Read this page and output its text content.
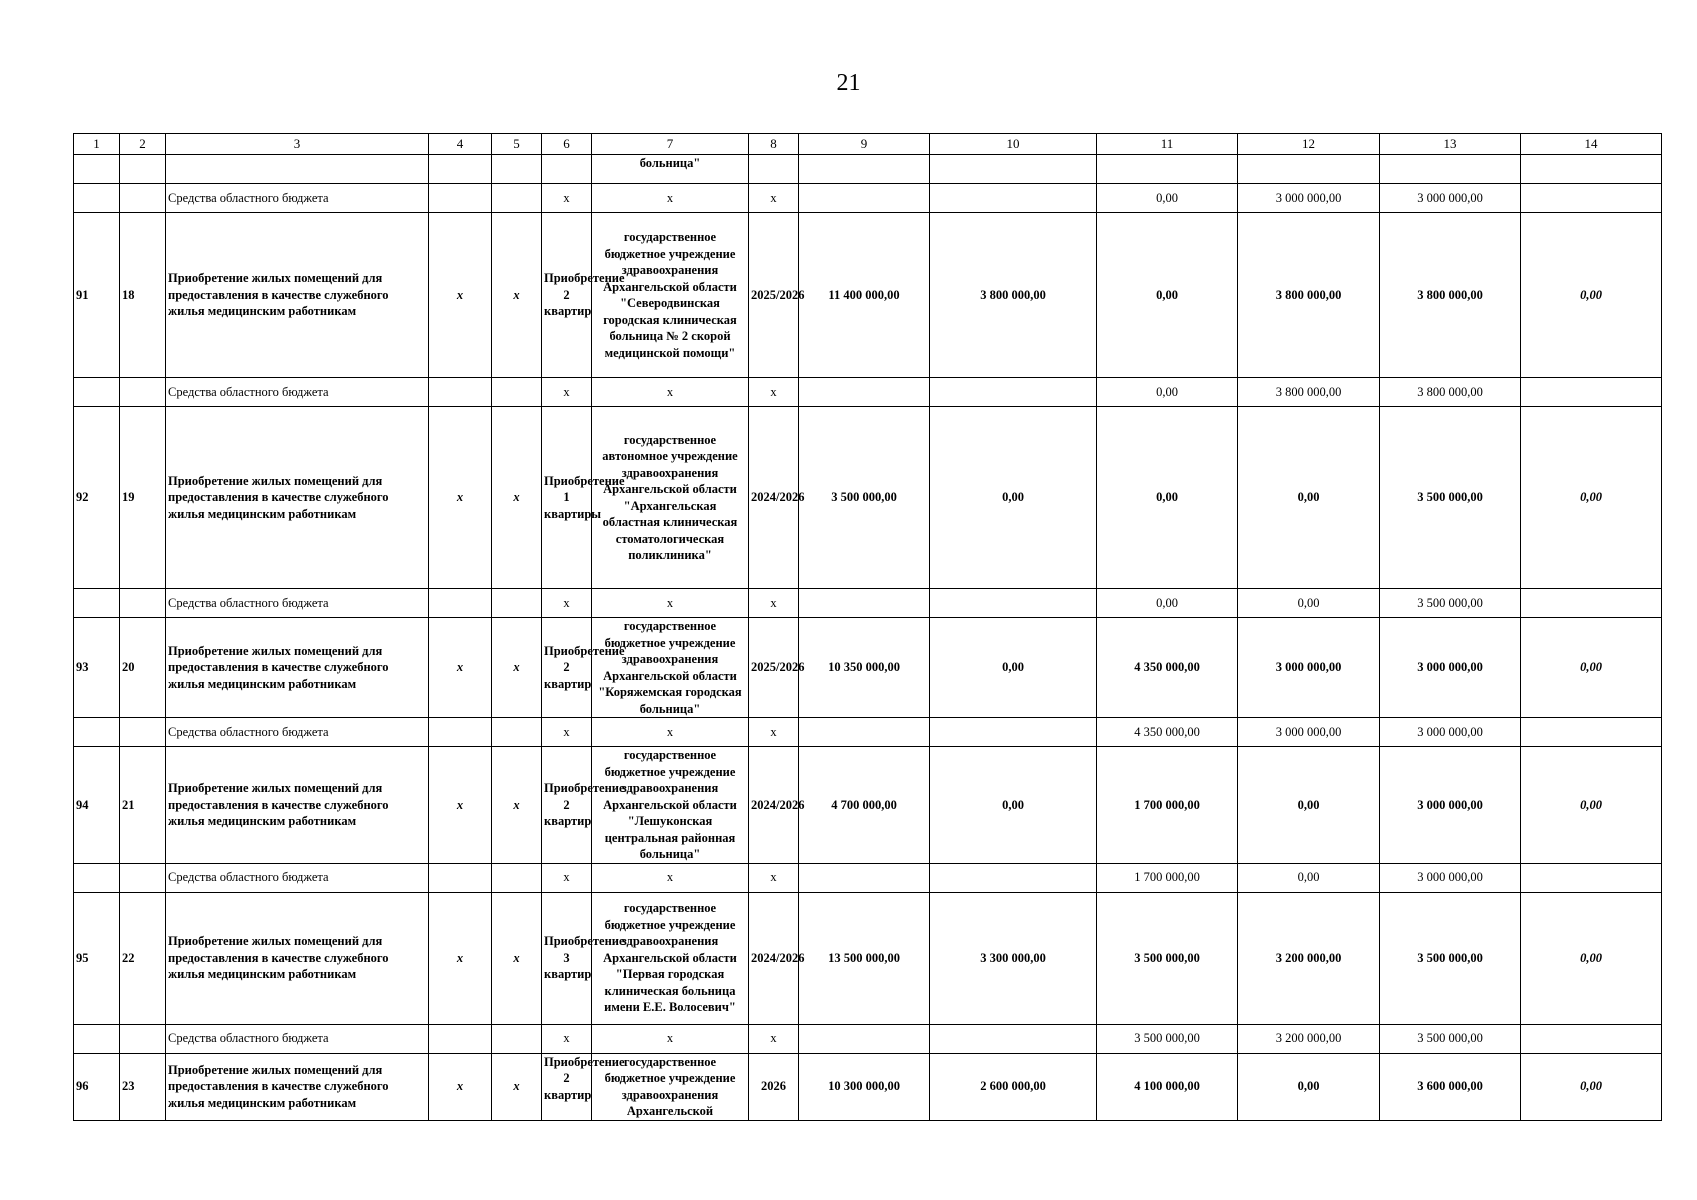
21
1	2	3	4	5	6	7	8	9	10	11	12	13	14
						больница"							
		Средства областного бюджета			х	х	х			0,00	3 000 000,00	3 000 000,00	
91	18	Приобретение жилых помещений для предоставления в качестве служебного жилья медицинским работникам	х	х	Приобретение 2 квартир	государственное бюджетное учреждение здравоохранения Архангельской области "Северодвинская городская клиническая больница № 2 скорой медицинской помощи"	2025/2026	11 400 000,00	3 800 000,00	0,00	3 800 000,00	3 800 000,00	0,00
		Средства областного бюджета			х	х	х			0,00	3 800 000,00	3 800 000,00	
92	19	Приобретение жилых помещений для предоставления в качестве служебного жилья медицинским работникам	х	х	Приобретение 1 квартиры	государственное автономное учреждение здравоохранения Архангельской области "Архангельская областная клиническая стоматологическая поликлиника"	2024/2026	3 500 000,00	0,00	0,00	0,00	3 500 000,00	0,00
		Средства областного бюджета			х	х	х			0,00	0,00	3 500 000,00	
93	20	Приобретение жилых помещений для предоставления в качестве служебного жилья медицинским работникам	х	х	Приобретение 2 квартир	государственное бюджетное учреждение здравоохранения Архангельской области "Коряжемская городская больница"	2025/2026	10 350 000,00	0,00	4 350 000,00	3 000 000,00	3 000 000,00	0,00
		Средства областного бюджета			х	х	х			4 350 000,00	3 000 000,00	3 000 000,00	
94	21	Приобретение жилых помещений для предоставления в качестве служебного жилья медицинским работникам	х	х	Приобретение 2 квартир	государственное бюджетное учреждение здравоохранения Архангельской области "Лешуконская центральная районная больница"	2024/2026	4 700 000,00	0,00	1 700 000,00	0,00	3 000 000,00	0,00
		Средства областного бюджета			х	х	х			1 700 000,00	0,00	3 000 000,00	
95	22	Приобретение жилых помещений для предоставления в качестве служебного жилья медицинским работникам	х	х	Приобретение 3 квартир	государственное бюджетное учреждение здравоохранения Архангельской области "Первая городская клиническая больница имени Е.Е. Волосевич"	2024/2026	13 500 000,00	3 300 000,00	3 500 000,00	3 200 000,00	3 500 000,00	0,00
		Средства областного бюджета			х	х	х			3 500 000,00	3 200 000,00	3 500 000,00	
96	23	Приобретение жилых помещений для предоставления в качестве служебного жилья медицинским работникам	х	х	Приобретение 2 квартир	государственное бюджетное учреждение здравоохранения Архангельской	2026	10 300 000,00	2 600 000,00	4 100 000,00	0,00	3 600 000,00	0,00
